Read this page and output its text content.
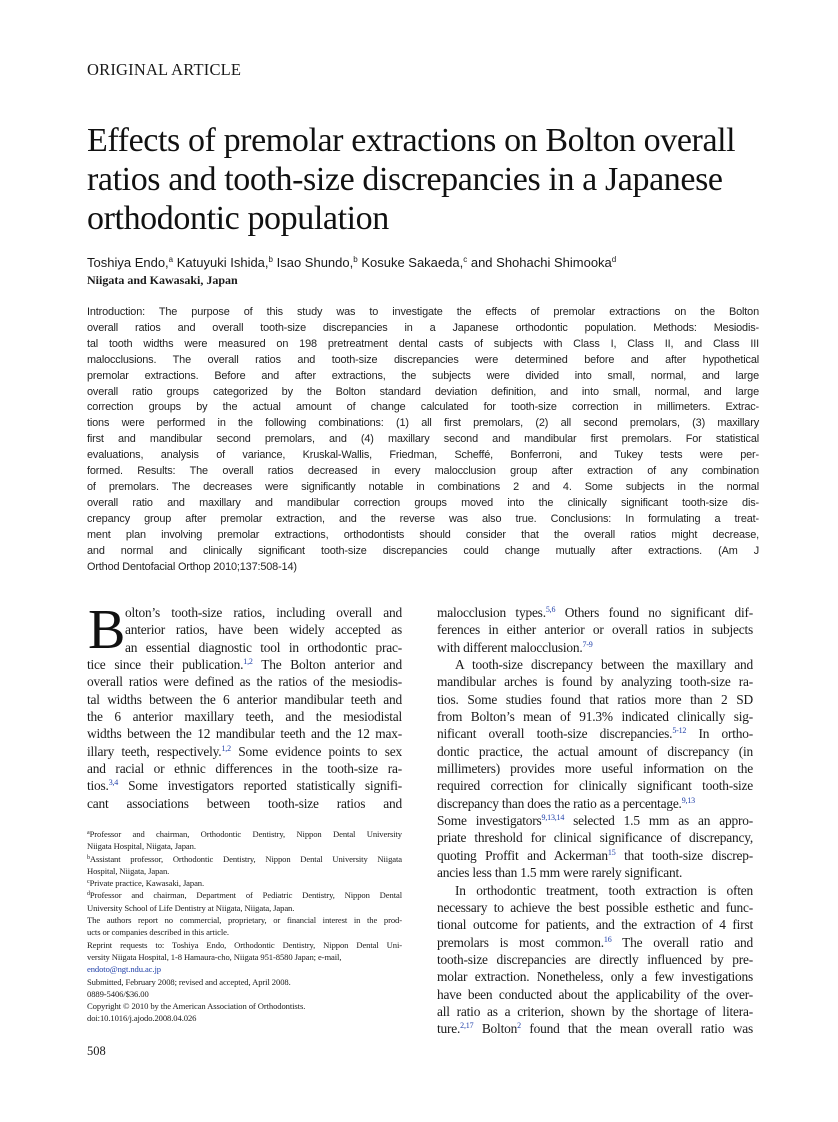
ORIGINAL ARTICLE
Effects of premolar extractions on Bolton overall
ratios and tooth-size discrepancies in a Japanese
orthodontic population
Toshiya Endo,$^a$ Katuyuki Ishida,$^b$ Isao Shundo,$^b$ Kosuke Sakaeda,$^c$ and Shohachi Shimooka$^d$
Niigata and Kawasaki, Japan
Introduction: The purpose of this study was to investigate the effects of premolar extractions on the Bolton
overall ratios and overall tooth-size discrepancies in a Japanese orthodontic population. Methods: Mesiodis-
tal tooth widths were measured on 198 pretreatment dental casts of subjects with Class I, Class II, and Class III
malocclusions. The overall ratios and tooth-size discrepancies were determined before and after hypothetical
premolar extractions. Before and after extractions, the subjects were divided into small, normal, and large
overall ratio groups categorized by the Bolton standard deviation definition, and into small, normal, and large
correction groups by the actual amount of change calculated for tooth-size correction in millimeters. Extrac-
tions were performed in the following combinations: (1) all first premolars, (2) all second premolars, (3) maxillary
first and mandibular second premolars, and (4) maxillary second and mandibular first premolars. For statistical
evaluations, analysis of variance, Kruskal-Wallis, Friedman, Scheffé, Bonferroni, and Tukey tests were per-
formed. Results: The overall ratios decreased in every malocclusion group after extraction of any combination
of premolars. The decreases were significantly notable in combinations 2 and 4. Some subjects in the normal
overall ratio and maxillary and mandibular correction groups moved into the clinically significant tooth-size dis-
crepancy group after premolar extraction, and the reverse was also true. Conclusions: In formulating a treat-
ment plan involving premolar extractions, orthodontists should consider that the overall ratios might decrease,
and normal and clinically significant tooth-size discrepancies could change mutually after extractions. (Am J
Orthod Dentofacial Orthop 2010;137:508-14)
B olton’s tooth-size ratios, including overall and
anterior ratios, have been widely accepted as
an essential diagnostic tool in orthodontic prac-
tice since their publication.$^{1,2}$ The Bolton anterior and
overall ratios were defined as the ratios of the mesiodis-
tal widths between the 6 anterior mandibular teeth and
the 6 anterior maxillary teeth, and the mesiodistal
widths between the 12 mandibular teeth and the 12 max-
illary teeth, respectively.$^{1,2}$ Some evidence points to sex
and racial or ethnic differences in the tooth-size ra-
tios.$^{3,4}$ Some investigators reported statistically signifi-
cant associations between tooth-size ratios and
malocclusion types.$^{5,6}$ Others found no significant dif-
ferences in either anterior or overall ratios in subjects
with different malocclusion.$^{7-9}$
A tooth-size discrepancy between the maxillary and
mandibular arches is found by analyzing tooth-size ra-
tios. Some studies found that ratios more than 2 SD
from Bolton’s mean of 91.3% indicated clinically sig-
nificant overall tooth-size discrepancies.$^{5-12}$ In ortho-
dontic practice, the actual amount of discrepancy (in
millimeters) provides more useful information on the
required correction for clinically significant tooth-size
discrepancy than does the ratio as a percentage.$^{9,13}$
Some investigators$^{9,13,14}$ selected 1.5 mm as an appro-
priate threshold for clinical significance of discrepancy,
quoting Proffit and Ackerman$^{15}$ that tooth-size discrep-
ancies less than 1.5 mm were rarely significant.
In orthodontic treatment, tooth extraction is often
necessary to achieve the best possible esthetic and func-
tional outcome for patients, and the extraction of 4 first
premolars is most common.$^{16}$ The overall ratio and
tooth-size discrepancies are directly influenced by pre-
molar extraction. Nonetheless, only a few investigations
have been conducted about the applicability of the over-
all ratio as a criterion, shown by the shortage of litera-
ture.$^{2,17}$ Bolton$^2$ found that the mean overall ratio was
$^a$Professor and chairman, Orthodontic Dentistry, Nippon Dental University
Niigata Hospital, Niigata, Japan.
$^b$Assistant professor, Orthodontic Dentistry, Nippon Dental University Niigata
Hospital, Niigata, Japan.
$^c$Private practice, Kawasaki, Japan.
$^d$Professor and chairman, Department of Pediatric Dentistry, Nippon Dental
University School of Life Dentistry at Niigata, Niigata, Japan.
The authors report no commercial, proprietary, or financial interest in the prod-
ucts or companies described in this article.
Reprint requests to: Toshiya Endo, Orthodontic Dentistry, Nippon Dental Uni-
versity Niigata Hospital, 1-8 Hamaura-cho, Niigata 951-8580 Japan; e-mail,
endoto@ngt.ndu.ac.jp
Submitted, February 2008; revised and accepted, April 2008.
0889-5406/$36.00
Copyright © 2010 by the American Association of Orthodontists.
doi:10.1016/j.ajodo.2008.04.026
508
